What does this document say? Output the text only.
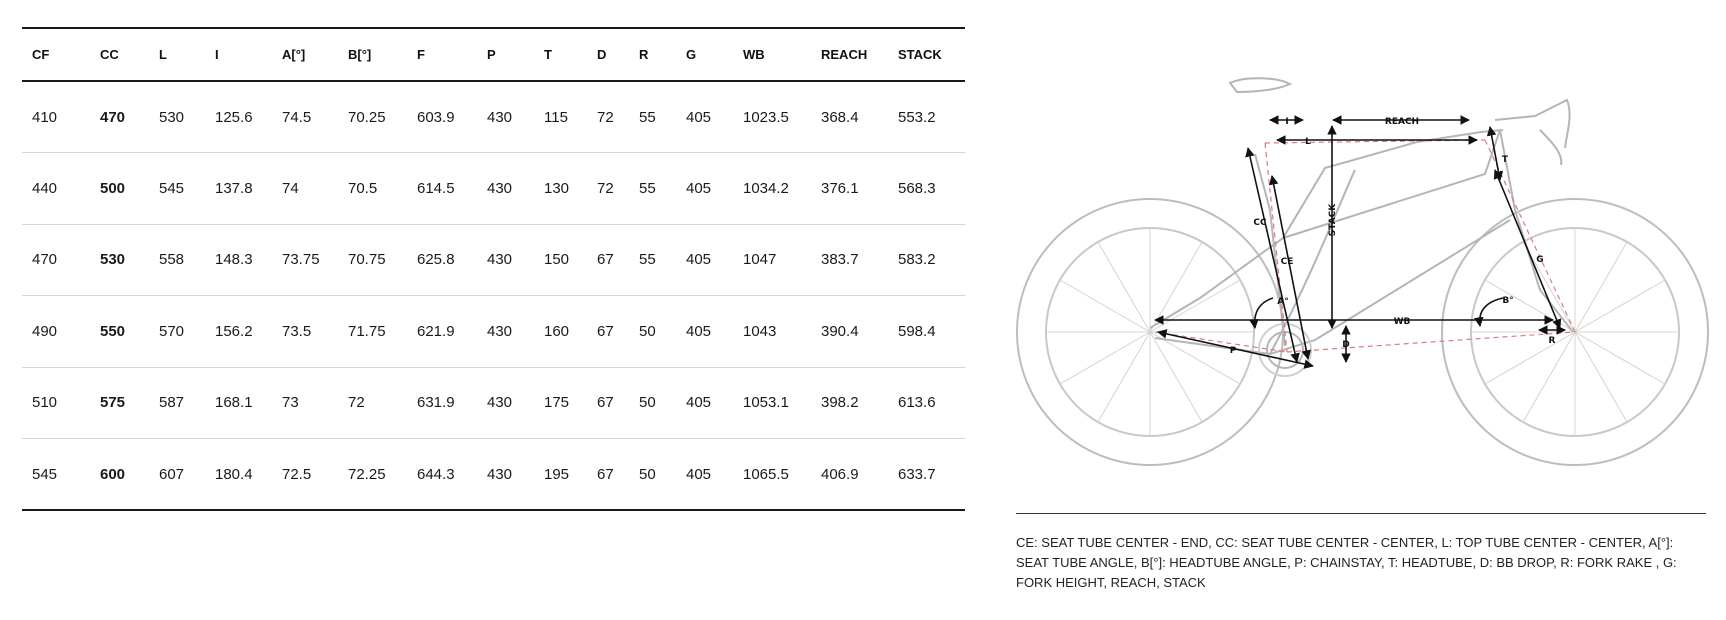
CF	CC	L	I	A[°]	B[°]	F	P	T	D	R	G	WB	REACH	STACK
410	470	530	125.6	74.5	70.25	603.9	430	115	72	55	405	1023.5	368.4	553.2
440	500	545	137.8	74	70.5	614.5	430	130	72	55	405	1034.2	376.1	568.3
470	530	558	148.3	73.75	70.75	625.8	430	150	67	55	405	1047	383.7	583.2
490	550	570	156.2	73.5	71.75	621.9	430	160	67	50	405	1043	390.4	598.4
510	575	587	168.1	73	72	631.9	430	175	67	50	405	1053.1	398.2	613.6
545	600	607	180.4	72.5	72.25	644.3	430	195	67	50	405	1065.5	406.9	633.7
I	REACH
L
T
CC	STACK
CE	G
A°	B°
WB
P
D	R
CE: SEAT TUBE CENTER - END, CC: SEAT TUBE CENTER - CENTER, L: TOP TUBE CENTER - CENTER, A[°]: SEAT TUBE ANGLE, B[°]: HEADTUBE ANGLE, P: CHAINSTAY, T: HEADTUBE, D: BB DROP, R: FORK RAKE , G: FORK HEIGHT, REACH, STACK
